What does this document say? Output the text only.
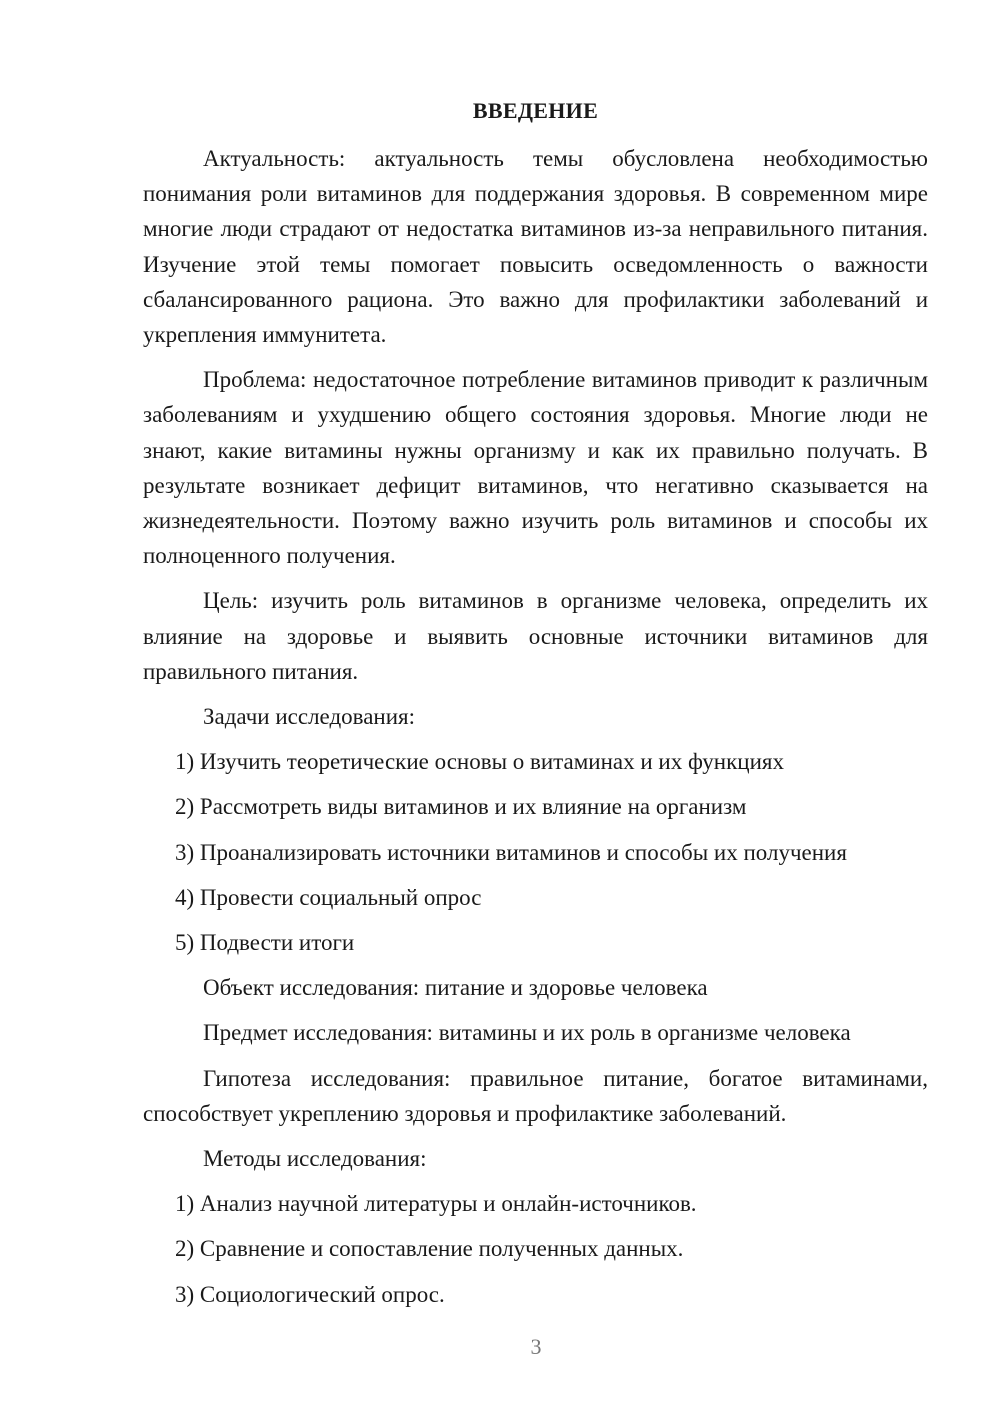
ВВЕДЕНИЕ

Актуальность: актуальность темы обусловлена необходимостью понимания роли витаминов для поддержания здоровья. В современном мире многие люди страдают от недостатка витаминов из-за неправильного питания. Изучение этой темы помогает повысить осведомленность о важности сбалансированного рациона. Это важно для профилактики заболеваний и укрепления иммунитета.

Проблема: недостаточное потребление витаминов приводит к различным заболеваниям и ухудшению общего состояния здоровья. Многие люди не знают, какие витамины нужны организму и как их правильно получать. В результате возникает дефицит витаминов, что негативно сказывается на жизнедеятельности. Поэтому важно изучить роль витаминов и способы их полноценного получения.

Цель: изучить роль витаминов в организме человека, определить их влияние на здоровье и выявить основные источники витаминов для правильного питания.

Задачи исследования:

1) Изучить теоретические основы о витаминах и их функциях
2) Рассмотреть виды витаминов и их влияние на организм
3) Проанализировать источники витаминов и способы их получения
4) Провести социальный опрос
5) Подвести итоги

Объект исследования: питание и здоровье человека

Предмет исследования: витамины и их роль в организме человека

Гипотеза исследования: правильное питание, богатое витаминами, способствует укреплению здоровья и профилактике заболеваний.

Методы исследования:

1) Анализ научной литературы и онлайн-источников.
2) Сравнение и сопоставление полученных данных.
3) Социологический опрос.
3
